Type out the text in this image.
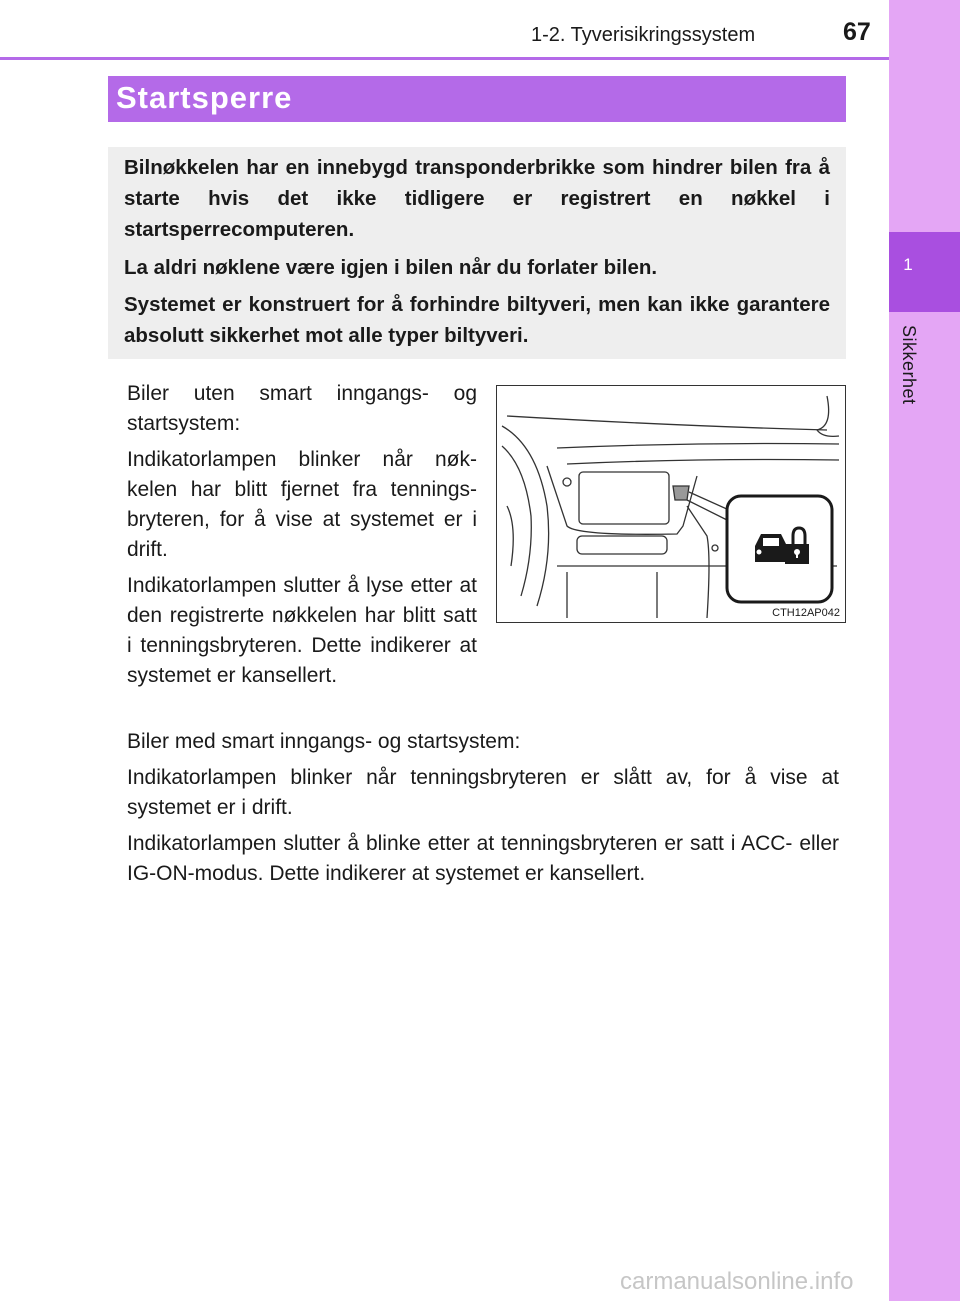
1
Sikkerhet
1-2. Tyverisikringssystem	67
Startsperre

Bilnøkkelen har en innebygd transponderbrikke som hindrer bilen fra å starte hvis det ikke tidligere er registrert en nøkkel i startsperrecomputeren.

La aldri nøklene være igjen i bilen når du forlater bilen.

Systemet er konstruert for å forhindre biltyveri, men kan ikke garantere absolutt sikkerhet mot alle typer biltyveri.

Biler uten smart inngangs- og startsystem:

Indikatorlampen blinker når nøk-kelen har blitt fjernet fra tennings-bryteren, for å vise at systemet er i drift.

Indikatorlampen slutter å lyse etter at den registrerte nøkkelen har blitt satt i tenningsbryteren. Dette indikerer at systemet er kansellert.

CTH12AP042

Biler med smart inngangs- og startsystem:

Indikatorlampen blinker når tenningsbryteren er slått av, for å vise at systemet er i drift.

Indikatorlampen slutter å blinke etter at tenningsbryteren er satt i ACC- eller IG-ON-modus. Dette indikerer at systemet er kansellert.

carmanualsonline.info
